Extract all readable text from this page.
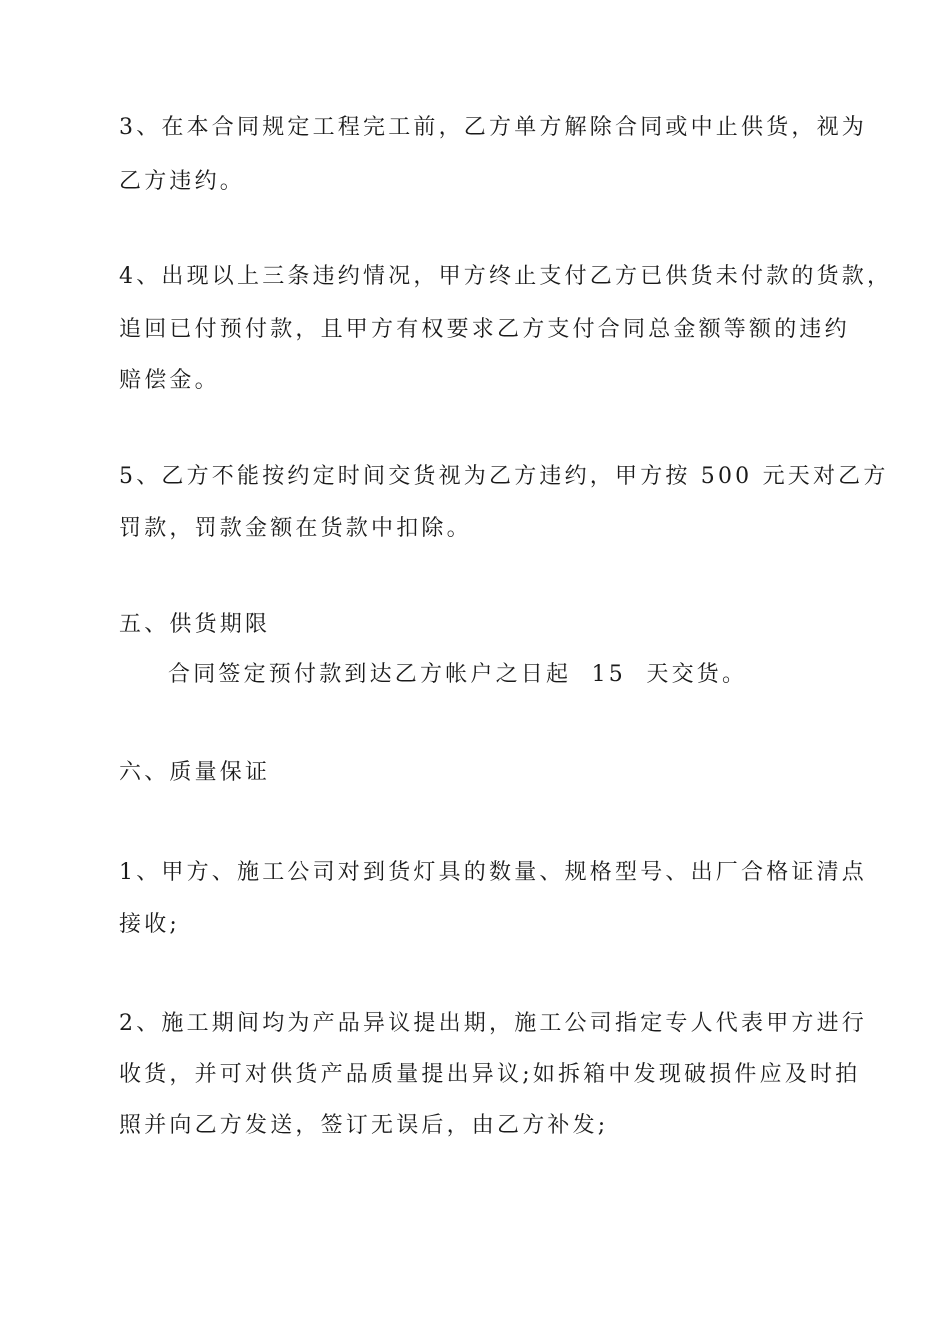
3、在本合同规定工程完工前，乙方单方解除合同或中止供货，视为
乙方违约。
4、出现以上三条违约情况，甲方终止支付乙方已供货未付款的货款，
追回已付预付款，且甲方有权要求乙方支付合同总金额等额的违约
赔偿金。
5、乙方不能按约定时间交货视为乙方违约，甲方按 500 元天对乙方
罚款，罚款金额在货款中扣除。
五、供货期限
合同签定预付款到达乙方帐户之日起  15  天交货。
六、质量保证
1、甲方、施工公司对到货灯具的数量、规格型号、出厂合格证清点
接收;
2、施工期间均为产品异议提出期，施工公司指定专人代表甲方进行
收货，并可对供货产品质量提出异议;如拆箱中发现破损件应及时拍
照并向乙方发送，签订无误后，由乙方补发;
